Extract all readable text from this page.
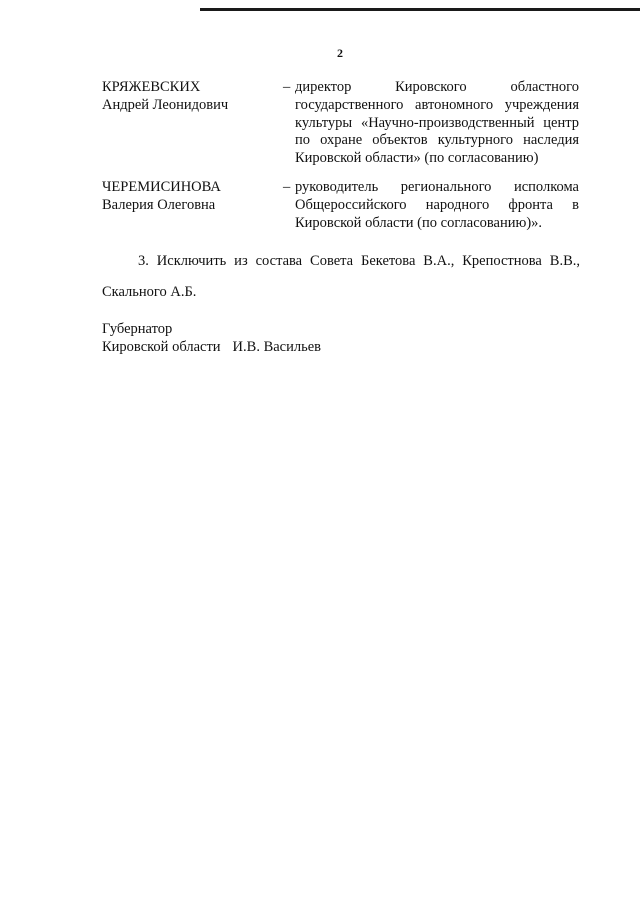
2
КРЯЖЕВСКИХ
Андрей Леонидович
– директор Кировского областного государственного автономного учреждения культуры «Научно-производственный центр по охране объектов культурного наследия Кировской области» (по согласованию)
ЧЕРЕМИСИНОВА
Валерия Олеговна
– руководитель регионального исполкома Общероссийского народного фронта в Кировской области (по согласованию)».
3. Исключить из состава Совета Бекетова В.А., Крепостнова В.В.,
Скального А.Б.
Губернатор
Кировской области И.В. Васильев
